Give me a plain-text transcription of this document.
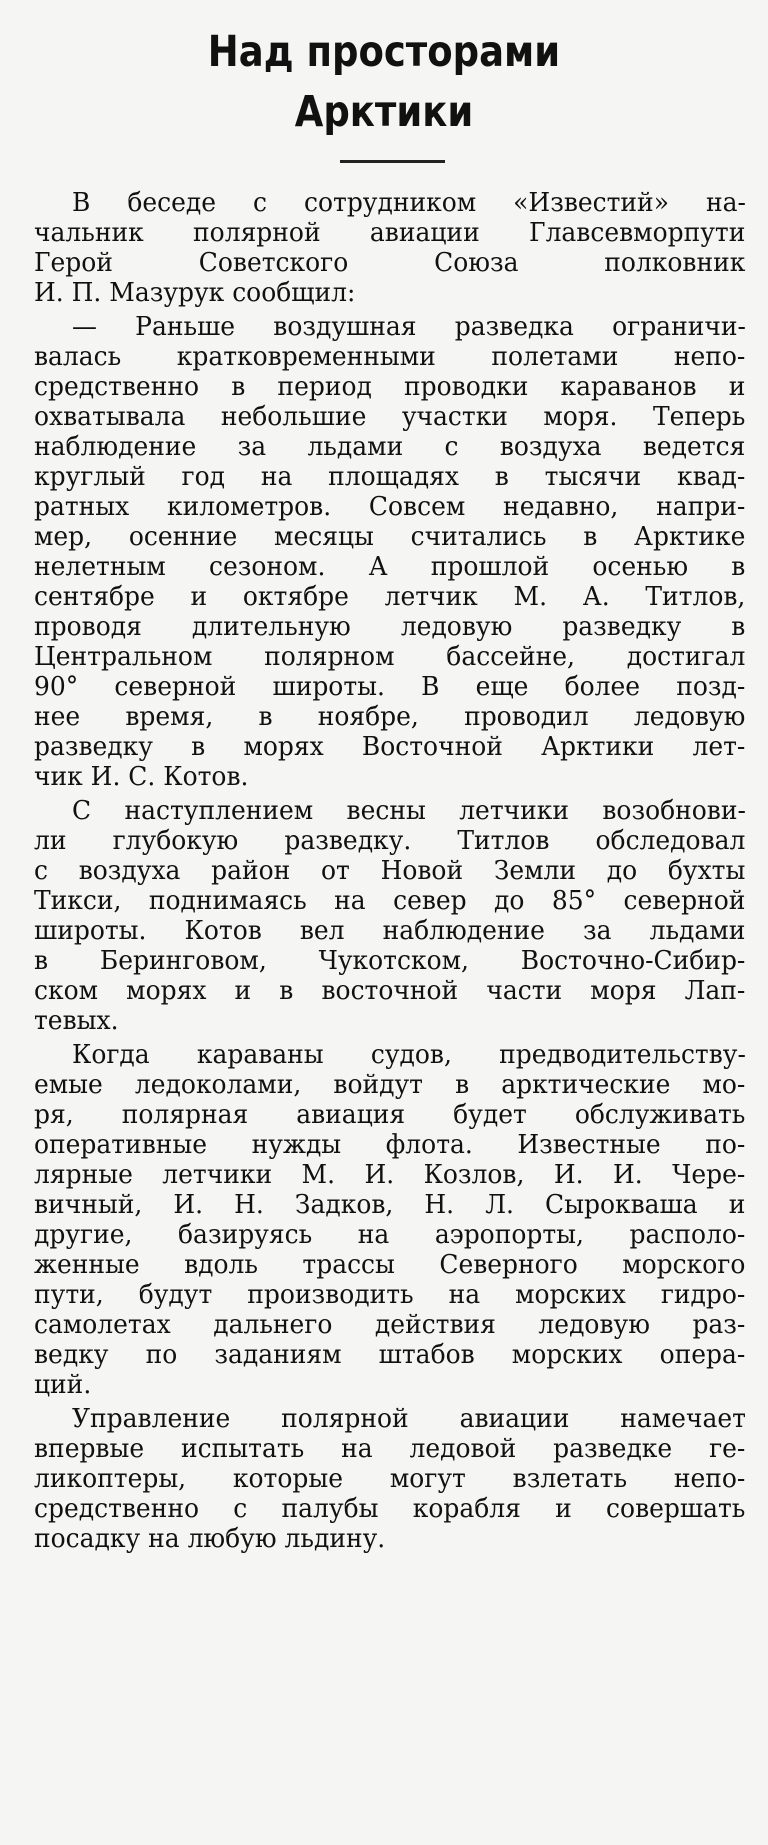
Над просторами
Арктики
В беседе с сотрудником «Известий» на-
чальник полярной авиации Главсевморпути
Герой Советского Союза полковник
И. П. Мазурук сообщил:
— Раньше воздушная разведка ограничи-
валась кратковременными полетами непо-
средственно в период проводки караванов и
охватывала небольшие участки моря. Теперь
наблюдение за льдами с воздуха ведется
круглый год на площадях в тысячи квад-
ратных километров. Совсем недавно, напри-
мер, осенние месяцы считались в Арктике
нелетным сезоном. А прошлой осенью в
сентябре и октябре летчик М. А. Титлов,
проводя длительную ледовую разведку в
Центральном полярном бассейне, достигал
90° северной широты. В еще более позд-
нее время, в ноябре, проводил ледовую
разведку в морях Восточной Арктики лет-
чик И. С. Котов.
С наступлением весны летчики возобнови-
ли глубокую разведку. Титлов обследовал
с воздуха район от Новой Земли до бухты
Тикси, поднимаясь на север до 85° северной
широты. Котов вел наблюдение за льдами
в Беринговом, Чукотском, Восточно-Сибир-
ском морях и в восточной части моря Лап-
тевых.
Когда караваны судов, предводительству-
емые ледоколами, войдут в арктические мо-
ря, полярная авиация будет обслуживать
оперативные нужды флота. Известные по-
лярные летчики М. И. Козлов, И. И. Чере-
вичный, И. Н. Задков, Н. Л. Сырокваша и
другие, базируясь на аэропорты, располо-
женные вдоль трассы Северного морского
пути, будут производить на морских гидро-
самолетах дальнего действия ледовую раз-
ведку по заданиям штабов морских опера-
ций.
Управление полярной авиации намечает
впервые испытать на ледовой разведке ге-
ликоптеры, которые могут взлетать непо-
средственно с палубы корабля и совершать
посадку на любую льдину.
